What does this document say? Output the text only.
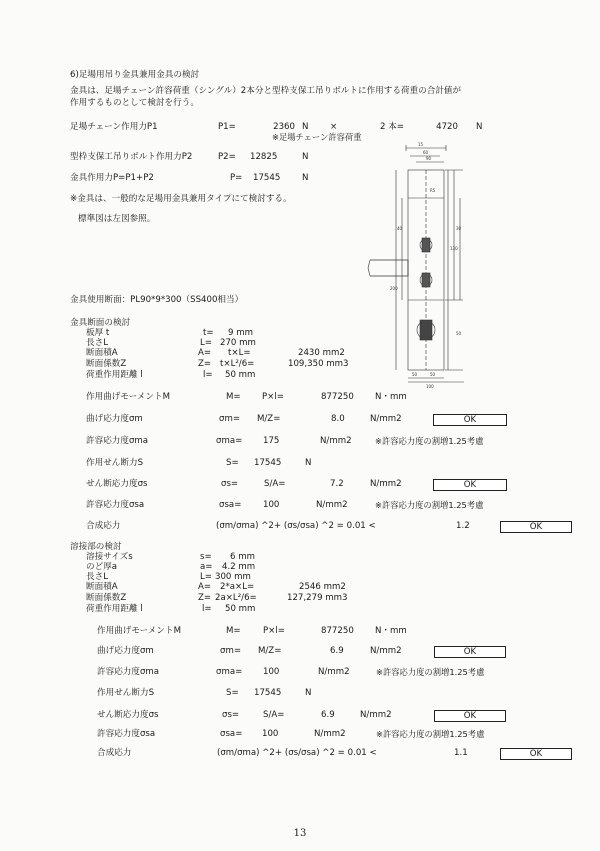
6)足場用吊り金具兼用金具の検討
金具は、足場チェーン許容荷重（シングル）2本分と型枠支保工吊りボルトに作用する荷重の合計値が
作用するものとして検討を行う。
足場チェーン作用力P1	P1=	2360 N	×	2 本=	4720 N
※足場チェーン許容荷重
型枠支保工吊りボルト作用力P2	P2= 12825	N
金具作用力P=P1+P2	P= 17545	N
※金具は、一般的な足場用金具兼用タイプにて検討する。
標準図は左図参照。
15
60
90
130
50	50
100
200
30
50
40
R5
金具使用断面：PL90*9*300（SS400相当）
金具断面の検討
板厚 t	t= 9 mm
長さL	L= 270 mm
断面積A	A= t×L=	2430 mm2
断面係数Z	Z= t×L²/6=	109,350 mm3
荷重作用距離 l	l= 50 mm
作用曲げモーメントM	M= P×l=	877250 N・mm
曲げ応力度σm	σm= M/Z=	8.0	N/mm2	OK
許容応力度σma	σma= 175	N/mm2	※許容応力度の割増1.25考慮
作用せん断力S	S= 17545	N
せん断応力度σs	σs=	S/A=	7.2	N/mm2	OK
許容応力度σsa	σsa=	100	N/mm2	※許容応力度の割増1.25考慮
合成応力	(σm/σma) ^2+ (σs/σsa) ^2 = 0.01 <	1.2	OK
溶接部の検討
溶接サイズs	s= 6 mm
のど厚a	a= 4.2 mm
長さL	L= 300 mm
断面積A	A= 2*a×L=	2546 mm2
断面係数Z	Z= 2a×L²/6=	127,279 mm3
荷重作用距離 l	l= 50 mm
作用曲げモーメントM	M=	P×l=	877250 N・mm
曲げ応力度σm	σm= M/Z=	6.9	N/mm2	OK
許容応力度σma	σma= 100	N/mm2	※許容応力度の割増1.25考慮
作用せん断力S	S= 17545	N
せん断応力度σs	σs=	S/A=	6.9	N/mm2	OK
許容応力度σsa	σsa= 100	N/mm2	※許容応力度の割増1.25考慮
合成応力	(σm/σma) ^2+ (σs/σsa) ^2 = 0.01 <	1.1	OK
13
